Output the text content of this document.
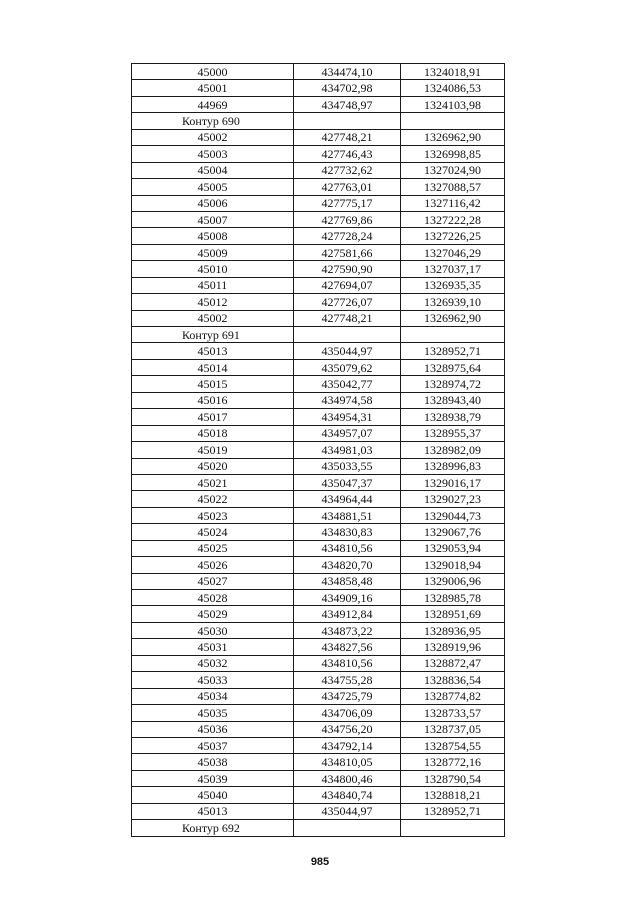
45000	434474,10	1324018,91
45001	434702,98	1324086,53
44969	434748,97	1324103,98
Контур 690		
45002	427748,21	1326962,90
45003	427746,43	1326998,85
45004	427732,62	1327024,90
45005	427763,01	1327088,57
45006	427775,17	1327116,42
45007	427769,86	1327222,28
45008	427728,24	1327226,25
45009	427581,66	1327046,29
45010	427590,90	1327037,17
45011	427694,07	1326935,35
45012	427726,07	1326939,10
45002	427748,21	1326962,90
Контур 691		
45013	435044,97	1328952,71
45014	435079,62	1328975,64
45015	435042,77	1328974,72
45016	434974,58	1328943,40
45017	434954,31	1328938,79
45018	434957,07	1328955,37
45019	434981,03	1328982,09
45020	435033,55	1328996,83
45021	435047,37	1329016,17
45022	434964,44	1329027,23
45023	434881,51	1329044,73
45024	434830,83	1329067,76
45025	434810,56	1329053,94
45026	434820,70	1329018,94
45027	434858,48	1329006,96
45028	434909,16	1328985,78
45029	434912,84	1328951,69
45030	434873,22	1328936,95
45031	434827,56	1328919,96
45032	434810,56	1328872,47
45033	434755,28	1328836,54
45034	434725,79	1328774,82
45035	434706,09	1328733,57
45036	434756,20	1328737,05
45037	434792,14	1328754,55
45038	434810,05	1328772,16
45039	434800,46	1328790,54
45040	434840,74	1328818,21
45013	435044,97	1328952,71
Контур 692		
985
